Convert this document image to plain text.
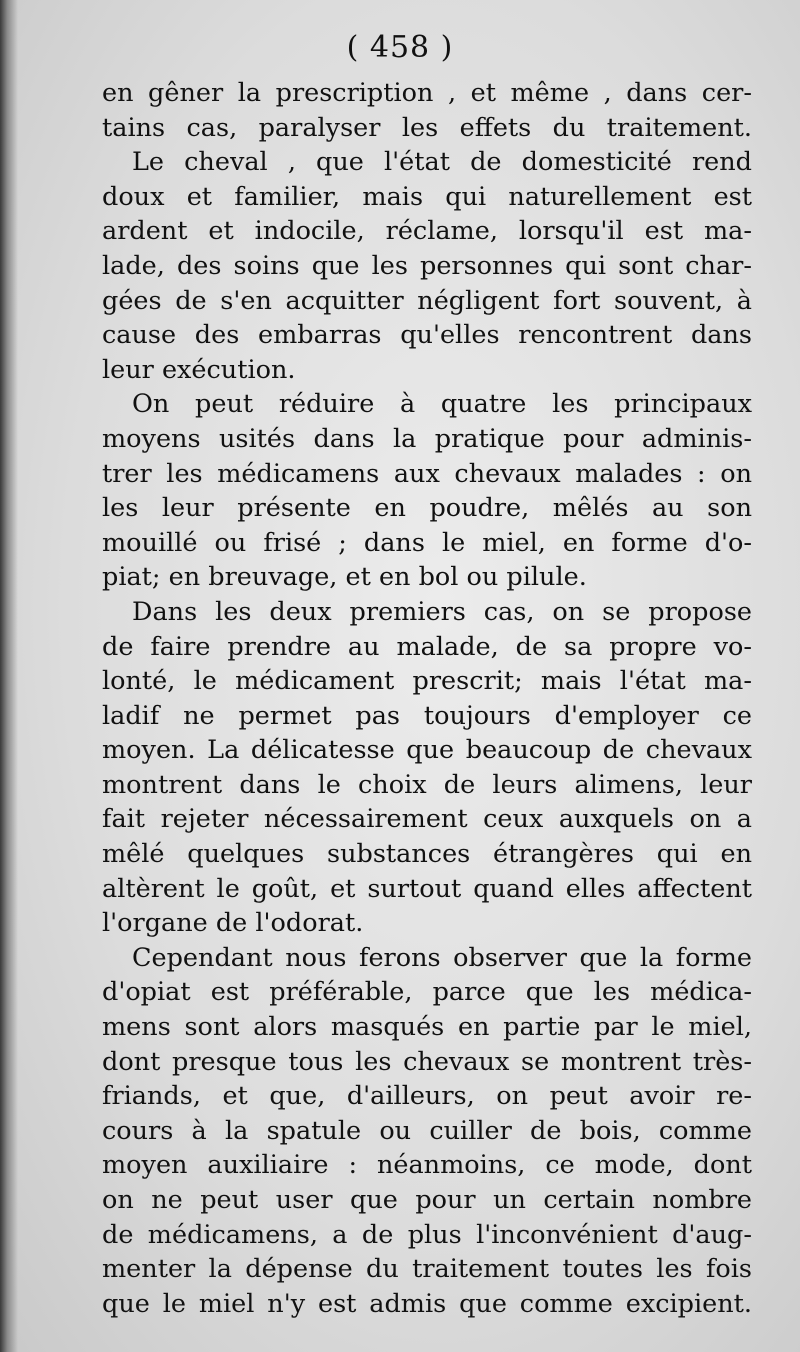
( 458 )
en gêner la prescription , et même , dans cer-
tains cas, paralyser les effets du traitement.
Le cheval , que l'état de domesticité rend
doux et familier, mais qui naturellement est
ardent et indocile, réclame, lorsqu'il est ma-
lade, des soins que les personnes qui sont char-
gées de s'en acquitter négligent fort souvent, à
cause des embarras qu'elles rencontrent dans
leur exécution.
On peut réduire à quatre les principaux
moyens usités dans la pratique pour adminis-
trer les médicamens aux chevaux malades : on
les leur présente en poudre, mêlés au son
mouillé ou frisé ; dans le miel, en forme d'o-
piat; en breuvage, et en bol ou pilule.
Dans les deux premiers cas, on se propose
de faire prendre au malade, de sa propre vo-
lonté, le médicament prescrit; mais l'état ma-
ladif ne permet pas toujours d'employer ce
moyen. La délicatesse que beaucoup de chevaux
montrent dans le choix de leurs alimens, leur
fait rejeter nécessairement ceux auxquels on a
mêlé quelques substances étrangères qui en
altèrent le goût, et surtout quand elles affectent
l'organe de l'odorat.
Cependant nous ferons observer que la forme
d'opiat est préférable, parce que les médica-
mens sont alors masqués en partie par le miel,
dont presque tous les chevaux se montrent très-
friands, et que, d'ailleurs, on peut avoir re-
cours à la spatule ou cuiller de bois, comme
moyen auxiliaire : néanmoins, ce mode, dont
on ne peut user que pour un certain nombre
de médicamens, a de plus l'inconvénient d'aug-
menter la dépense du traitement toutes les fois
que le miel n'y est admis que comme excipient.
